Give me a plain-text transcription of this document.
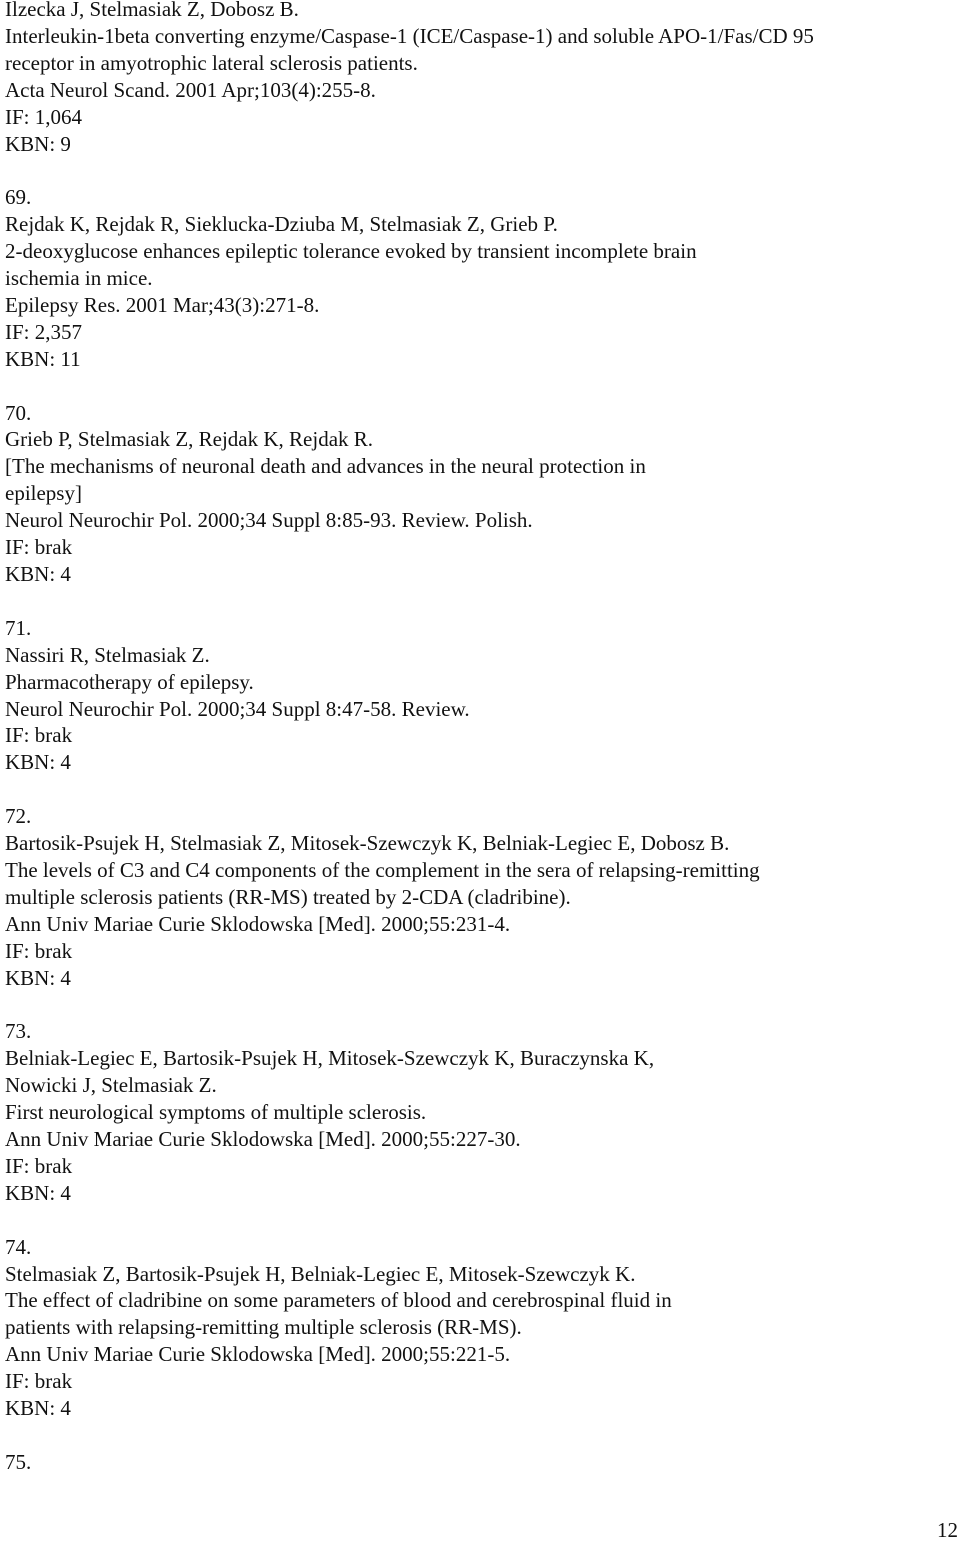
Ilzecka J, Stelmasiak Z, Dobosz B.
Interleukin-1beta converting enzyme/Caspase-1 (ICE/Caspase-1) and soluble APO-1/Fas/CD 95
receptor in amyotrophic lateral sclerosis patients.
Acta Neurol Scand. 2001 Apr;103(4):255-8.
IF: 1,064
KBN: 9
69.
Rejdak K, Rejdak R, Sieklucka-Dziuba M, Stelmasiak Z, Grieb P.
2-deoxyglucose enhances epileptic tolerance evoked by transient incomplete brain
ischemia in mice.
Epilepsy Res. 2001 Mar;43(3):271-8.
IF: 2,357
KBN: 11
70.
Grieb P, Stelmasiak Z, Rejdak K, Rejdak R.
[The mechanisms of neuronal death and advances in the neural protection in
epilepsy]
Neurol Neurochir Pol. 2000;34 Suppl 8:85-93. Review. Polish.
IF: brak
KBN: 4
71.
Nassiri R, Stelmasiak Z.
Pharmacotherapy of epilepsy.
Neurol Neurochir Pol. 2000;34 Suppl 8:47-58. Review.
IF: brak
KBN: 4
72.
Bartosik-Psujek H, Stelmasiak Z, Mitosek-Szewczyk K, Belniak-Legiec E, Dobosz B.
The levels of C3 and C4 components of the complement in the sera of relapsing-remitting
multiple sclerosis patients (RR-MS) treated by 2-CDA (cladribine).
Ann Univ Mariae Curie Sklodowska [Med]. 2000;55:231-4.
IF: brak
KBN: 4
73.
Belniak-Legiec E, Bartosik-Psujek H, Mitosek-Szewczyk K, Buraczynska K,
Nowicki J, Stelmasiak Z.
First neurological symptoms of multiple sclerosis.
Ann Univ Mariae Curie Sklodowska [Med]. 2000;55:227-30.
IF: brak
KBN: 4
74.
Stelmasiak Z, Bartosik-Psujek H, Belniak-Legiec E, Mitosek-Szewczyk K.
The effect of cladribine on some parameters of blood and cerebrospinal fluid in
patients with relapsing-remitting multiple sclerosis (RR-MS).
Ann Univ Mariae Curie Sklodowska [Med]. 2000;55:221-5.
IF: brak
KBN: 4
75.
12
